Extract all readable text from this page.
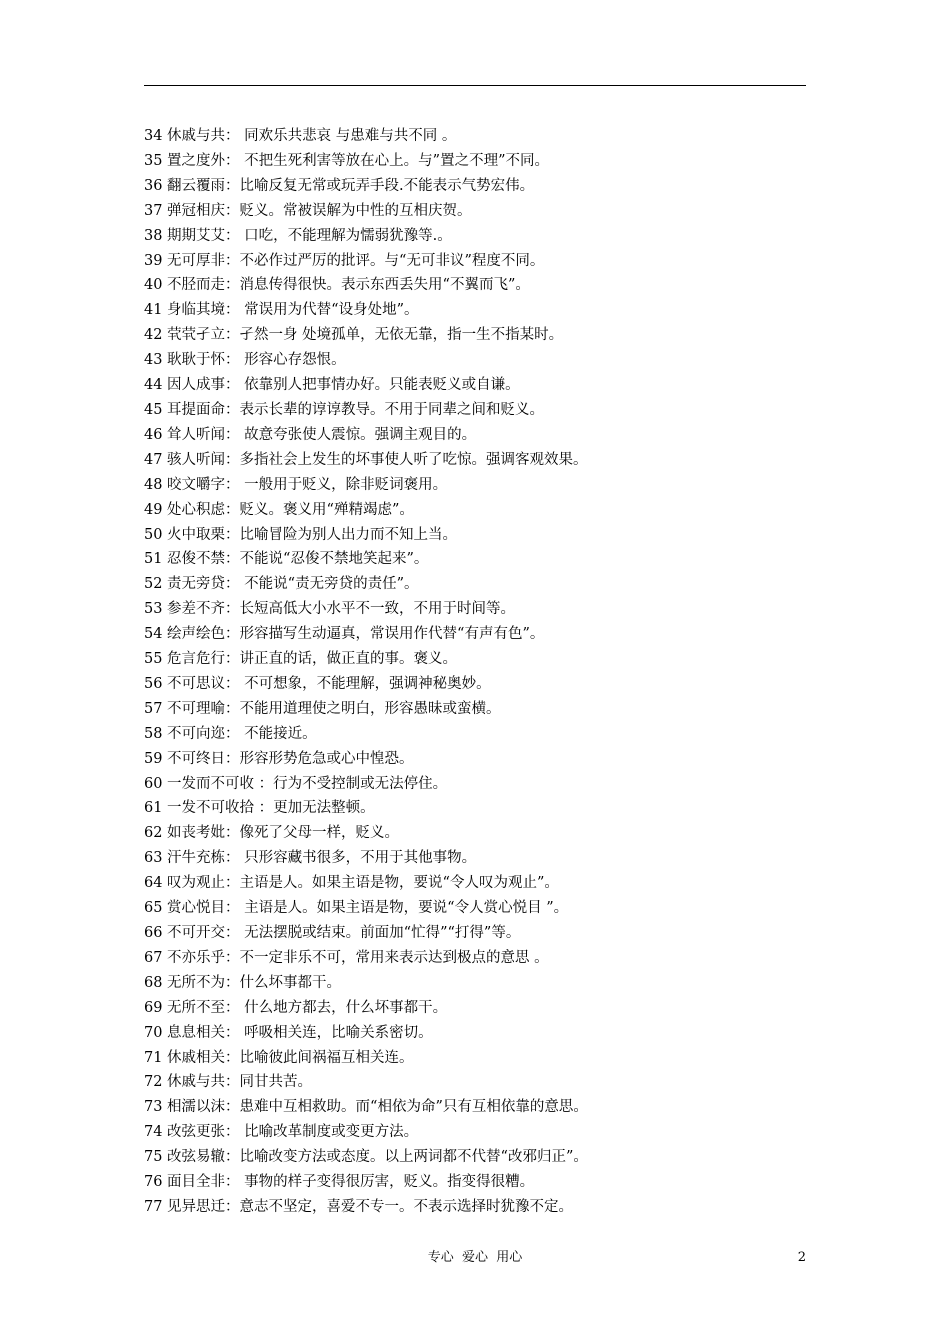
34 休戚与共： 同欢乐共悲哀 与患难与共不同 。
35 置之度外： 不把生死利害等放在心上。与”置之不理”不同。
36 翻云覆雨：比喻反复无常或玩弄手段.不能表示气势宏伟。
37 弹冠相庆：贬义。常被误解为中性的互相庆贺。
38 期期艾艾： 口吃，不能理解为懦弱犹豫等.。
39 无可厚非：不必作过严厉的批评。与“无可非议”程度不同。
40 不胫而走：消息传得很快。表示东西丢失用“不翼而飞”。
41 身临其境： 常误用为代替“设身处地”。
42 茕茕孑立：孑然一身 处境孤单，无依无靠，指一生不指某时。
43 耿耿于怀： 形容心存怨恨。
44 因人成事： 依靠别人把事情办好。只能表贬义或自谦。
45 耳提面命：表示长辈的谆谆教导。不用于同辈之间和贬义。
46 耸人听闻： 故意夸张使人震惊。强调主观目的。
47 骇人听闻：多指社会上发生的坏事使人听了吃惊。强调客观效果。
48 咬文嚼字： 一般用于贬义，除非贬词褒用。
49 处心积虑：贬义。褒义用“殚精竭虑”。
50 火中取栗：比喻冒险为别人出力而不知上当。
51 忍俊不禁：不能说“忍俊不禁地笑起来”。
52 责无旁贷： 不能说“责无旁贷的责任”。
53 参差不齐：长短高低大小水平不一致，不用于时间等。
54 绘声绘色：形容描写生动逼真，常误用作代替“有声有色”。
55 危言危行：讲正直的话，做正直的事。褒义。
56 不可思议： 不可想象，不能理解，强调神秘奥妙。
57 不可理喻：不能用道理使之明白，形容愚昧或蛮横。
58 不可向迩： 不能接近。
59 不可终日：形容形势危急或心中惶恐。
60 一发而不可收 ：行为不受控制或无法停住。
61 一发不可收拾 ：更加无法整顿。
62 如丧考妣：像死了父母一样，贬义。
63 汗牛充栋： 只形容藏书很多，不用于其他事物。
64 叹为观止：主语是人。如果主语是物，要说“令人叹为观止”。
65 赏心悦目： 主语是人。如果主语是物，要说“令人赏心悦目 ”。
66 不可开交： 无法摆脱或结束。前面加“忙得”“打得”等。
67 不亦乐乎：不一定非乐不可，常用来表示达到极点的意思 。
68 无所不为：什么坏事都干。
69 无所不至： 什么地方都去，什么坏事都干。
70 息息相关： 呼吸相关连，比喻关系密切。
71 休戚相关：比喻彼此间祸福互相关连。
72 休戚与共：同甘共苦。
73 相濡以沫：患难中互相救助。而“相依为命”只有互相依靠的意思。
74 改弦更张： 比喻改革制度或变更方法。
75 改弦易辙：比喻改变方法或态度。以上两词都不代替“改邪归正”。
76 面目全非： 事物的样子变得很厉害，贬义。指变得很糟。
77 见异思迁：意志不坚定，喜爱不专一。不表示选择时犹豫不定。
专心  爱心  用心	2
